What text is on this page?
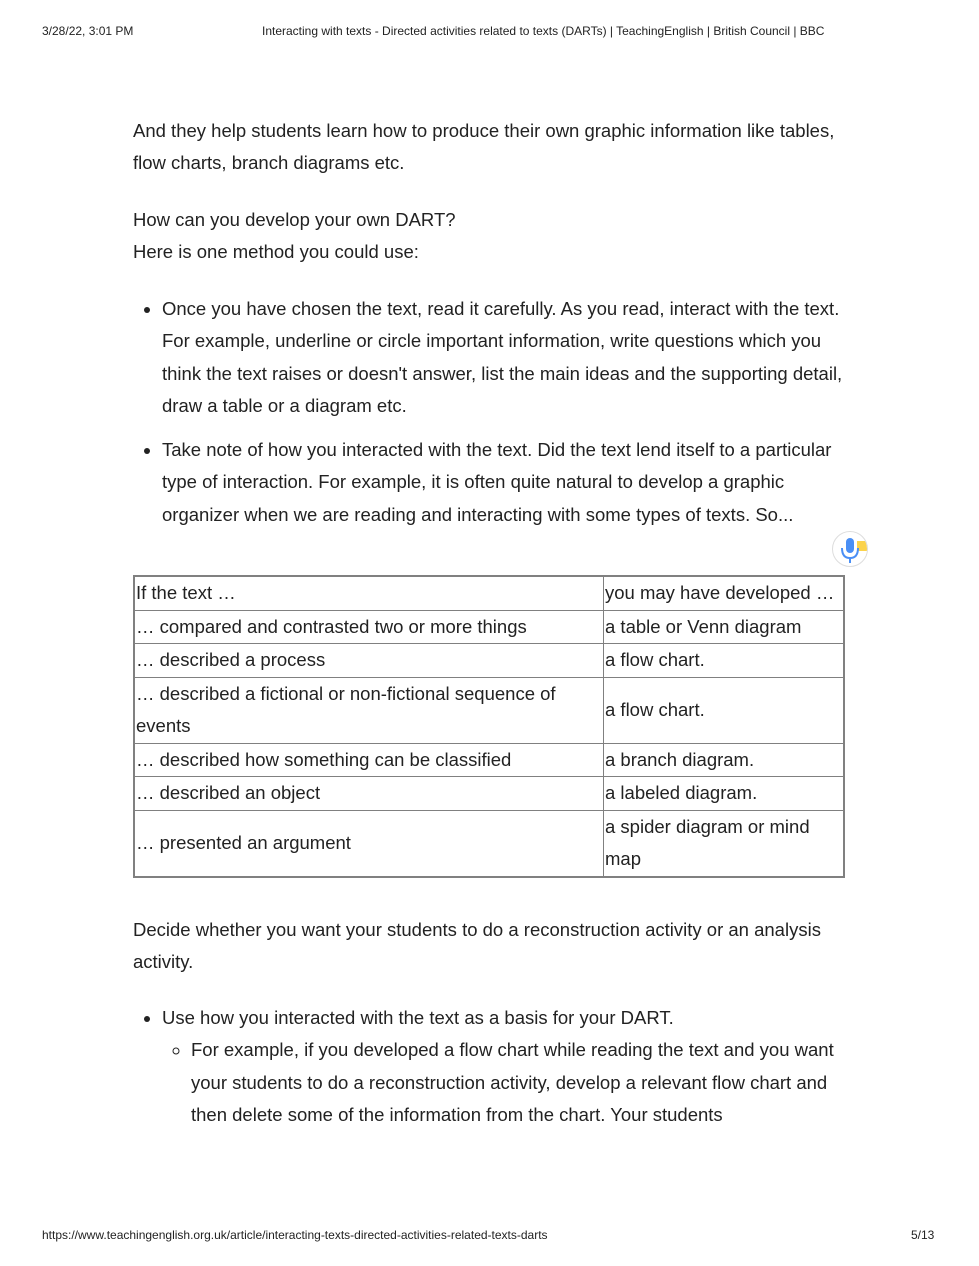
3/28/22, 3:01 PM	Interacting with texts - Directed activities related to texts (DARTs) | TeachingEnglish | British Council | BBC
And they help students learn how to produce their own graphic information like tables, flow charts, branch diagrams etc.
How can you develop your own DART?
Here is one method you could use:
• Once you have chosen the text, read it carefully. As you read, interact with the text. For example, underline or circle important information, write questions which you think the text raises or doesn't answer, list the main ideas and the supporting detail, draw a table or a diagram etc.
• Take note of how you interacted with the text. Did the text lend itself to a particular type of interaction. For example, it is often quite natural to develop a graphic organizer when we are reading and interacting with some types of texts. So...
If the text …	you may have developed …
… compared and contrasted two or more things	a table or Venn diagram
… described a process	a flow chart.
… described a fictional or non-fictional sequence of events	a flow chart.
… described how something can be classified	a branch diagram.
… described an object	a labeled diagram.
… presented an argument	a spider diagram or mind map
Decide whether you want your students to do a reconstruction activity or an analysis activity.
• Use how you interacted with the text as a basis for your DART.
◦ For example, if you developed a flow chart while reading the text and you want your students to do a reconstruction activity, develop a relevant flow chart and then delete some of the information from the chart. Your students
https://www.teachingenglish.org.uk/article/interacting-texts-directed-activities-related-texts-darts	5/13
